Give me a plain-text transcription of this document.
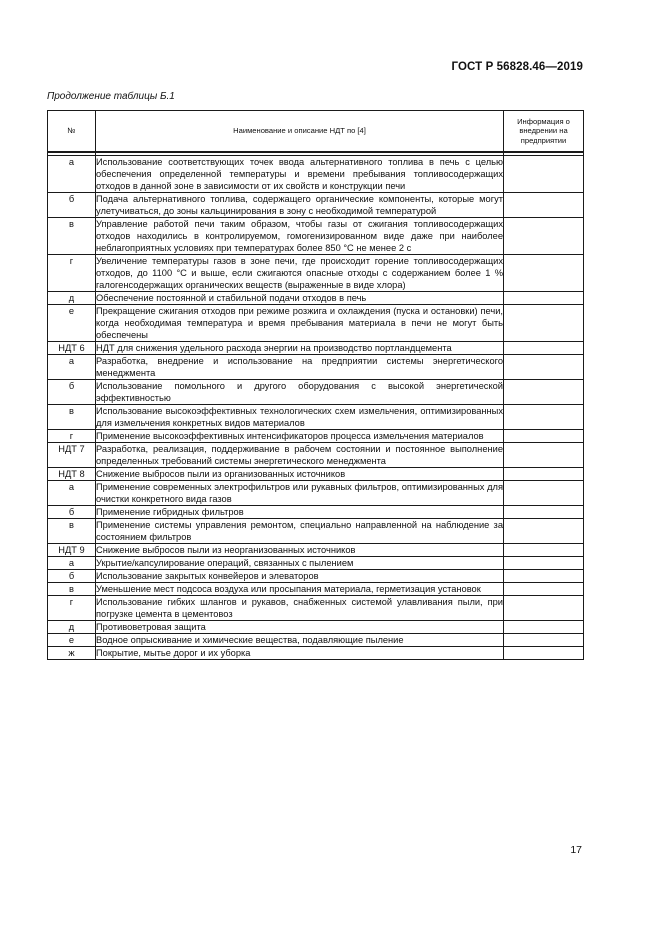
ГОСТ Р 56828.46—2019
Продолжение таблицы Б.1
№	Наименование и описание НДТ по [4]	Информация о внедрении на предприятии

а	Использование соответствующих точек ввода альтернативного топлива в печь с целью обеспечения определенной температуры и времени пребывания топливосодержащих отходов в данной зоне в зависимости от их свойств и конструкции печи	
б	Подача альтернативного топлива, содержащего органические компоненты, которые могут улетучиваться, до зоны кальцинирования в зону с необходимой температурой	
в	Управление работой печи таким образом, чтобы газы от сжигания топливосодержащих отходов находились в контролируемом, гомогенизированном виде даже при наиболее неблагоприятных условиях при температурах более 850 °С не менее 2 с	
г	Увеличение температуры газов в зоне печи, где происходит горение топливосодержащих отходов, до 1100 °С и выше, если сжигаются опасные отходы с содержанием более 1 % галогенсодержащих органических веществ (выраженные в виде хлора)	
д	Обеспечение постоянной и стабильной подачи отходов в печь	
е	Прекращение сжигания отходов при режиме розжига и охлаждения (пуска и остановки) печи, когда необходимая температура и время пребывания материала в печи не могут быть обеспечены	
НДТ 6	НДТ для снижения удельного расхода энергии на производство портландцемента	
а	Разработка, внедрение и использование на предприятии системы энергетического менеджмента	
б	Использование помольного и другого оборудования с высокой энергетической эффективностью	
в	Использование высокоэффективных технологических схем измельчения, оптимизированных для измельчения конкретных видов материалов	
г	Применение высокоэффективных интенсификаторов процесса измельчения материалов	
НДТ 7	Разработка, реализация, поддерживание в рабочем состоянии и постоянное выполнение определенных требований системы энергетического менеджмента	
НДТ 8	Снижение выбросов пыли из организованных источников	
а	Применение современных электрофильтров или рукавных фильтров, оптимизированных для очистки конкретного вида газов	
б	Применение гибридных фильтров	
в	Применение системы управления ремонтом, специально направленной на наблюдение за состоянием фильтров	
НДТ 9	Снижение выбросов пыли из неорганизованных источников	
а	Укрытие/капсулирование операций, связанных с пылением	
б	Использование закрытых конвейеров и элеваторов	
в	Уменьшение мест подсоса воздуха или просыпания материала, герметизация установок	
г	Использование гибких шлангов и рукавов, снабженных системой улавливания пыли, при погрузке цемента в цементовоз	
д	Противоветровая защита	
е	Водное опрыскивание и химические вещества, подавляющие пыление	
ж	Покрытие, мытье дорог и их уборка	
17
